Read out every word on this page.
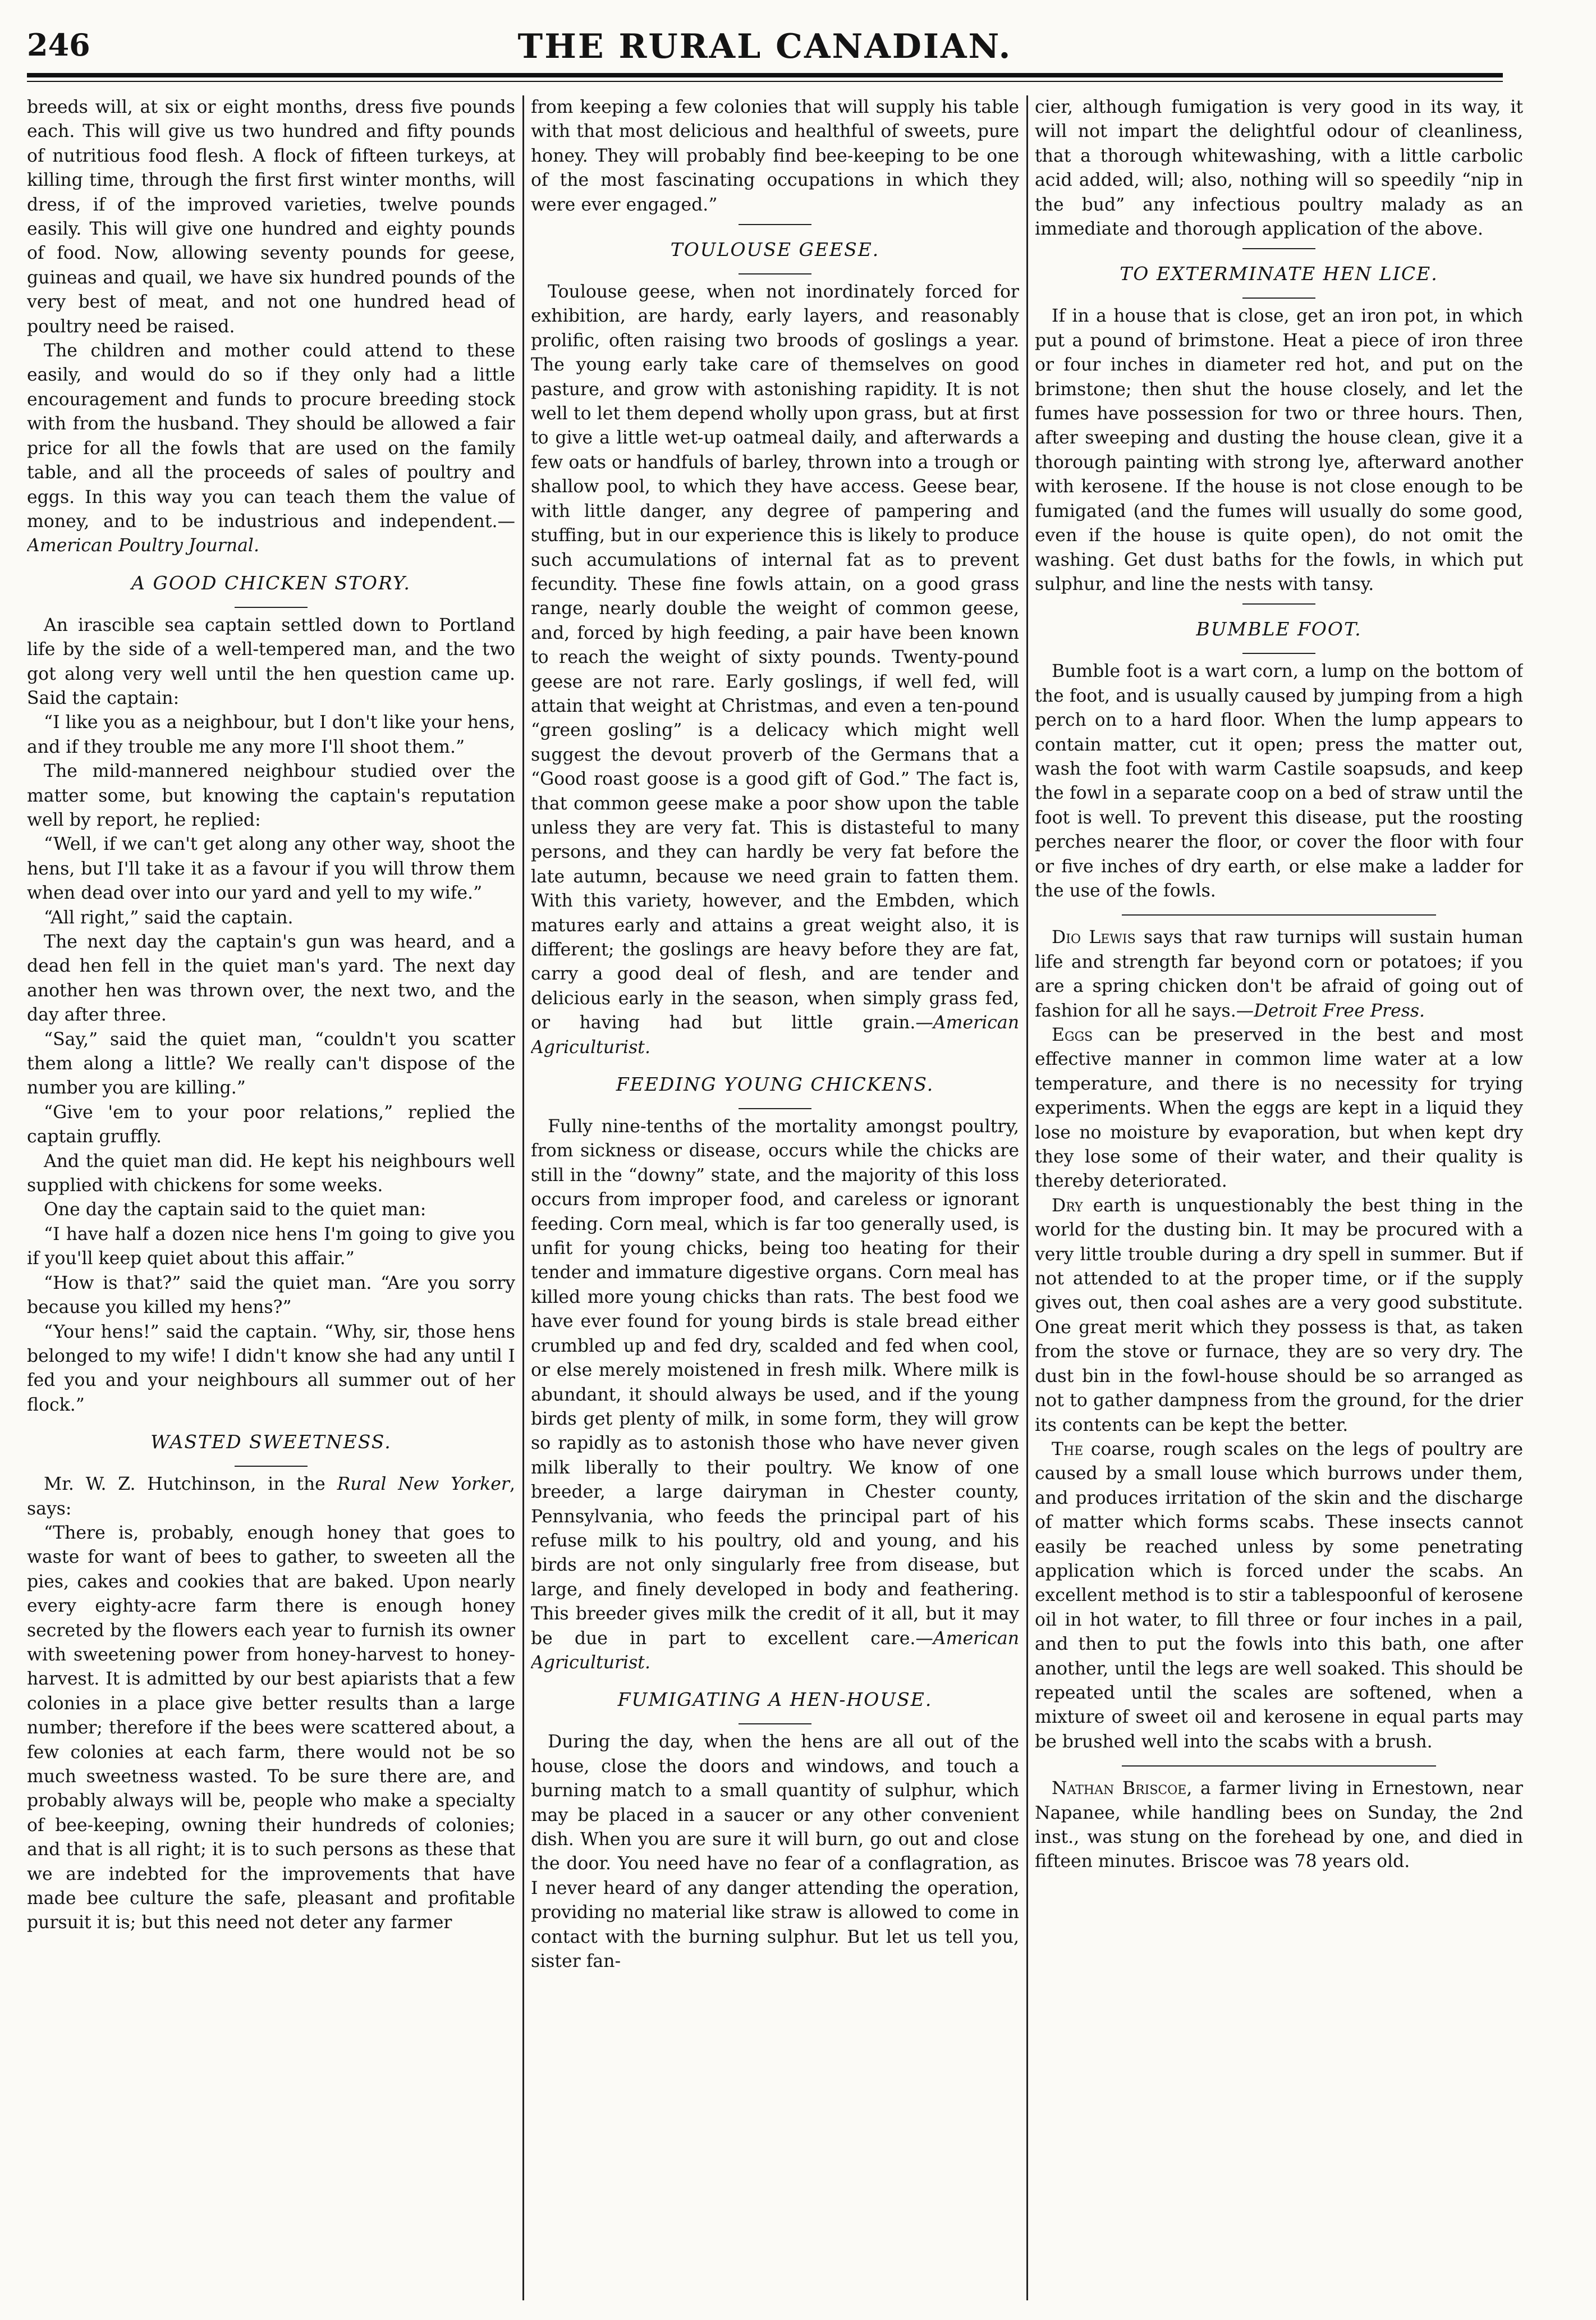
THE RURAL CANADIAN.
246

breeds will, at six or eight months, dress five pounds each. This will give us two hundred and fifty pounds of nutritious food flesh. A flock of fifteen turkeys, at killing time, through the first first winter months, will dress, if of the improved varieties, twelve pounds easily. This will give one hundred and eighty pounds of food. Now, allowing seventy pounds for geese, guineas and quail, we have six hundred pounds of the very best of meat, and not one hundred head of poultry need be raised.

The children and mother could attend to these easily, and would do so if they only had a little encouragement and funds to procure breeding stock with from the husband. They should be allowed a fair price for all the fowls that are used on the family table, and all the proceeds of sales of poultry and eggs. In this way you can teach them the value of money, and to be industrious and independent.—American Poultry Journal.

A GOOD CHICKEN STORY.

An irascible sea captain settled down to Portland life by the side of a well-tempered man, and the two got along very well until the hen question came up. Said the captain:

“I like you as a neighbour, but I don't like your hens, and if they trouble me any more I'll shoot them.”

The mild-mannered neighbour studied over the matter some, but knowing the captain's reputation well by report, he replied:

“Well, if we can't get along any other way, shoot the hens, but I'll take it as a favour if you will throw them when dead over into our yard and yell to my wife.”

“All right,” said the captain.

The next day the captain's gun was heard, and a dead hen fell in the quiet man's yard. The next day another hen was thrown over, the next two, and the day after three.

“Say,” said the quiet man, “couldn't you scatter them along a little? We really can't dispose of the number you are killing.”

“Give 'em to your poor relations,” replied the captain gruffly.

And the quiet man did. He kept his neighbours well supplied with chickens for some weeks.

One day the captain said to the quiet man:

“I have half a dozen nice hens I'm going to give you if you'll keep quiet about this affair.”

“How is that?” said the quiet man. “Are you sorry because you killed my hens?”

“Your hens!” said the captain. “Why, sir, those hens belonged to my wife! I didn't know she had any until I fed you and your neighbours all summer out of her flock.”

WASTED SWEETNESS.

Mr. W. Z. Hutchinson, in the Rural New Yorker, says:

“There is, probably, enough honey that goes to waste for want of bees to gather, to sweeten all the pies, cakes and cookies that are baked. Upon nearly every eighty-acre farm there is enough honey secreted by the flowers each year to furnish its owner with sweetening power from honey-harvest to honey-harvest. It is admitted by our best apiarists that a few colonies in a place give better results than a large number; therefore if the bees were scattered about, a few colonies at each farm, there would not be so much sweetness wasted. To be sure there are, and probably always will be, people who make a specialty of bee-keeping, owning their hundreds of colonies; and that is all right; it is to such persons as these that we are indebted for the improvements that have made bee culture the safe, pleasant and profitable pursuit it is; but this need not deter any farmer

from keeping a few colonies that will supply his table with that most delicious and healthful of sweets, pure honey. They will probably find bee-keeping to be one of the most fascinating occupations in which they were ever engaged.”

TOULOUSE GEESE.

Toulouse geese, when not inordinately forced for exhibition, are hardy, early layers, and reasonably prolific, often raising two broods of goslings a year. The young early take care of themselves on good pasture, and grow with astonishing rapidity. It is not well to let them depend wholly upon grass, but at first to give a little wet-up oatmeal daily, and afterwards a few oats or handfuls of barley, thrown into a trough or shallow pool, to which they have access. Geese bear, with little danger, any degree of pampering and stuffing, but in our experience this is likely to produce such accumulations of internal fat as to prevent fecundity. These fine fowls attain, on a good grass range, nearly double the weight of common geese, and, forced by high feeding, a pair have been known to reach the weight of sixty pounds. Twenty-pound geese are not rare. Early goslings, if well fed, will attain that weight at Christmas, and even a ten-pound “green gosling” is a delicacy which might well suggest the devout proverb of the Germans that a “Good roast goose is a good gift of God.” The fact is, that common geese make a poor show upon the table unless they are very fat. This is distasteful to many persons, and they can hardly be very fat before the late autumn, because we need grain to fatten them. With this variety, however, and the Embden, which matures early and attains a great weight also, it is different; the goslings are heavy before they are fat, carry a good deal of flesh, and are tender and delicious early in the season, when simply grass fed, or having had but little grain.—American Agriculturist.

FEEDING YOUNG CHICKENS.

Fully nine-tenths of the mortality amongst poultry, from sickness or disease, occurs while the chicks are still in the “downy” state, and the majority of this loss occurs from improper food, and careless or ignorant feeding. Corn meal, which is far too generally used, is unfit for young chicks, being too heating for their tender and immature digestive organs. Corn meal has killed more young chicks than rats. The best food we have ever found for young birds is stale bread either crumbled up and fed dry, scalded and fed when cool, or else merely moistened in fresh milk. Where milk is abundant, it should always be used, and if the young birds get plenty of milk, in some form, they will grow so rapidly as to astonish those who have never given milk liberally to their poultry. We know of one breeder, a large dairyman in Chester county, Pennsylvania, who feeds the principal part of his refuse milk to his poultry, old and young, and his birds are not only singularly free from disease, but large, and finely developed in body and feathering. This breeder gives milk the credit of it all, but it may be due in part to excellent care.—American Agriculturist.

FUMIGATING A HEN-HOUSE.

During the day, when the hens are all out of the house, close the doors and windows, and touch a burning match to a small quantity of sulphur, which may be placed in a saucer or any other convenient dish. When you are sure it will burn, go out and close the door. You need have no fear of a conflagration, as I never heard of any danger attending the operation, providing no material like straw is allowed to come in contact with the burning sulphur. But let us tell you, sister fan-

cier, although fumigation is very good in its way, it will not impart the delightful odour of cleanliness, that a thorough whitewashing, with a little carbolic acid added, will; also, nothing will so speedily “nip in the bud” any infectious poultry malady as an immediate and thorough application of the above.

TO EXTERMINATE HEN LICE.

If in a house that is close, get an iron pot, in which put a pound of brimstone. Heat a piece of iron three or four inches in diameter red hot, and put on the brimstone; then shut the house closely, and let the fumes have possession for two or three hours. Then, after sweeping and dusting the house clean, give it a thorough painting with strong lye, afterward another with kerosene. If the house is not close enough to be fumigated (and the fumes will usually do some good, even if the house is quite open), do not omit the washing. Get dust baths for the fowls, in which put sulphur, and line the nests with tansy.

BUMBLE FOOT.

Bumble foot is a wart corn, a lump on the bottom of the foot, and is usually caused by jumping from a high perch on to a hard floor. When the lump appears to contain matter, cut it open; press the matter out, wash the foot with warm Castile soapsuds, and keep the fowl in a separate coop on a bed of straw until the foot is well. To prevent this disease, put the roosting perches nearer the floor, or cover the floor with four or five inches of dry earth, or else make a ladder for the use of the fowls.

Dio Lewis says that raw turnips will sustain human life and strength far beyond corn or potatoes; if you are a spring chicken don't be afraid of going out of fashion for all he says.—Detroit Free Press.

Eggs can be preserved in the best and most effective manner in common lime water at a low temperature, and there is no necessity for trying experiments. When the eggs are kept in a liquid they lose no moisture by evaporation, but when kept dry they lose some of their water, and their quality is thereby deteriorated.

Dry earth is unquestionably the best thing in the world for the dusting bin. It may be procured with a very little trouble during a dry spell in summer. But if not attended to at the proper time, or if the supply gives out, then coal ashes are a very good substitute. One great merit which they possess is that, as taken from the stove or furnace, they are so very dry. The dust bin in the fowl-house should be so arranged as not to gather dampness from the ground, for the drier its contents can be kept the better.

The coarse, rough scales on the legs of poultry are caused by a small louse which burrows under them, and produces irritation of the skin and the discharge of matter which forms scabs. These insects cannot easily be reached unless by some penetrating application which is forced under the scabs. An excellent method is to stir a tablespoonful of kerosene oil in hot water, to fill three or four inches in a pail, and then to put the fowls into this bath, one after another, until the legs are well soaked. This should be repeated until the scales are softened, when a mixture of sweet oil and kerosene in equal parts may be brushed well into the scabs with a brush.

Nathan Briscoe, a farmer living in Ernestown, near Napanee, while handling bees on Sunday, the 2nd inst., was stung on the forehead by one, and died in fifteen minutes. Briscoe was 78 years old.
